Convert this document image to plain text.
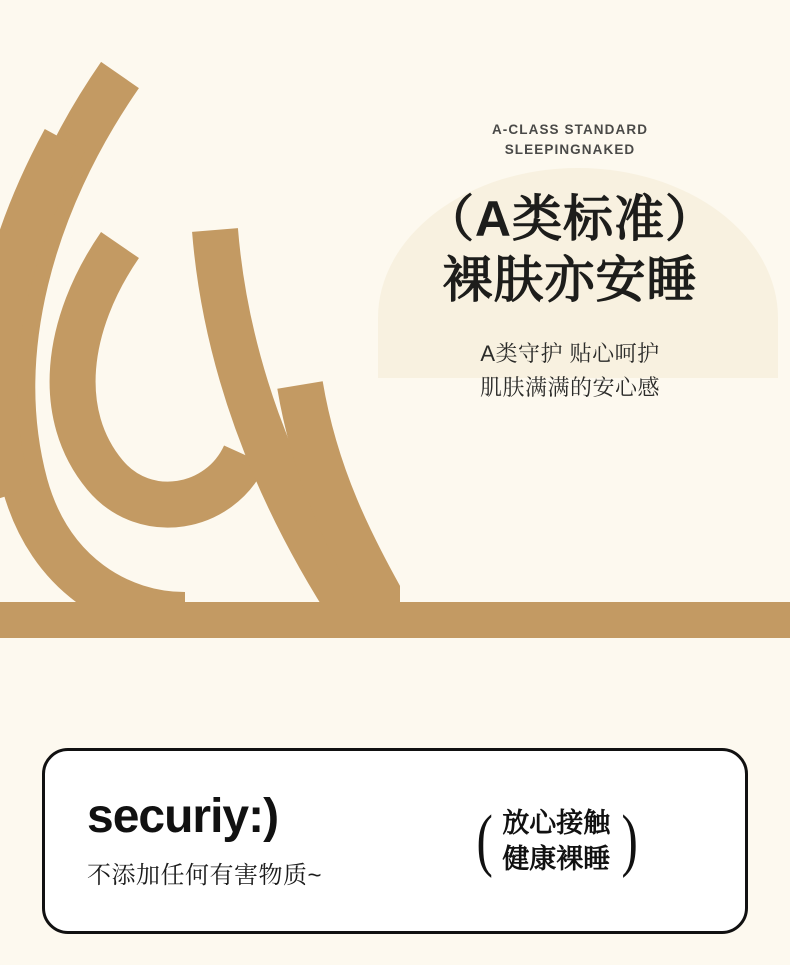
A-CLASS STANDARD
SLEEPINGNAKED
（A类标准）
裸肤亦安睡
A类守护 贴心呵护
肌肤满满的安心感
securiy:)
不添加任何有害物质~	( 放心接触
健康裸睡 )
